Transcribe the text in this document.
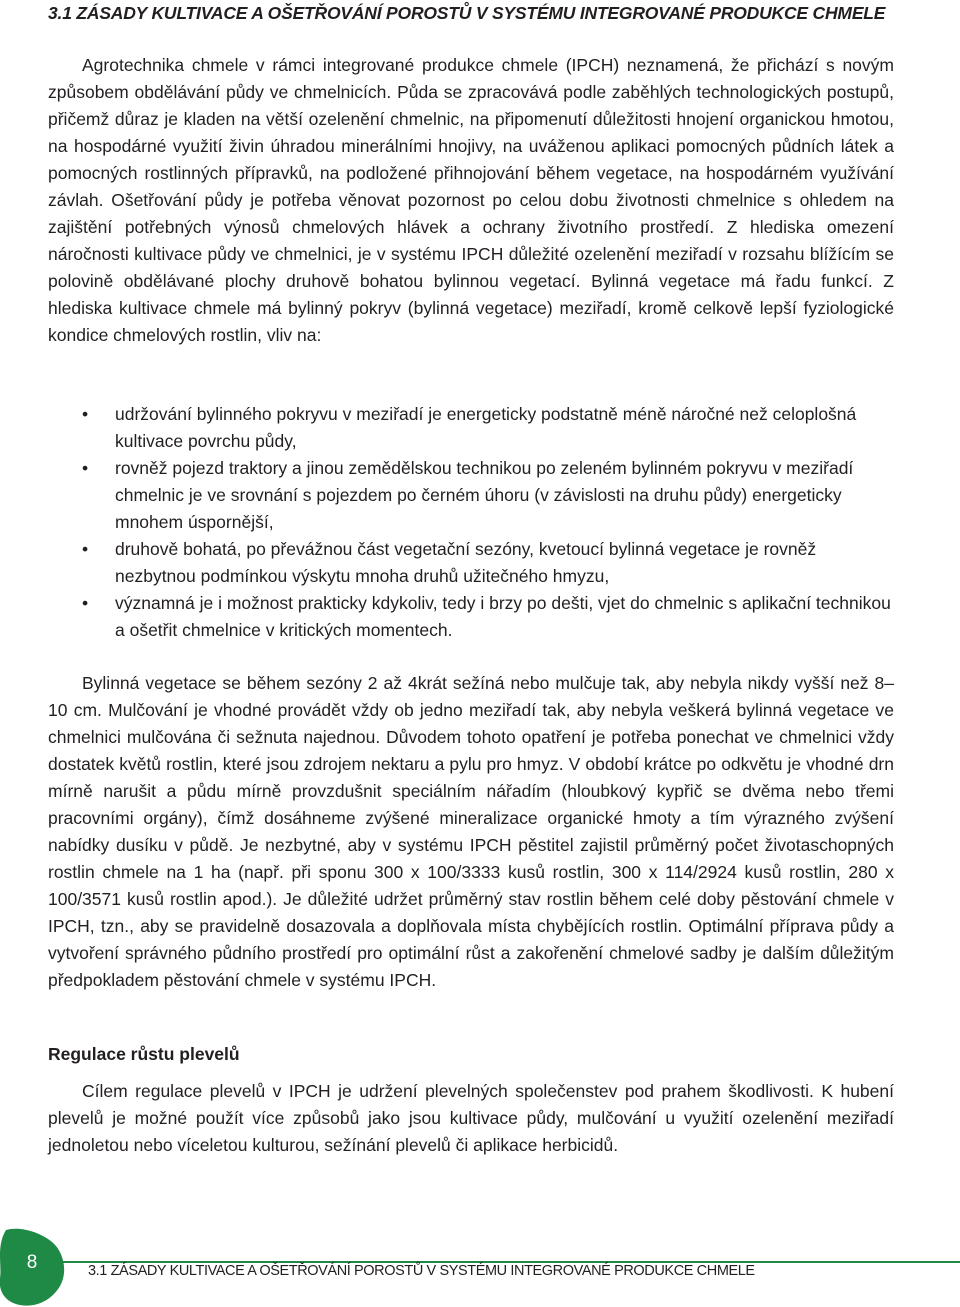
3.1 ZÁSADY KULTIVACE A OŠETŘOVÁNÍ POROSTŮ V SYSTÉMU INTEGROVANÉ PRODUKCE CHMELE

Agrotechnika chmele v rámci integrované produkce chmele (IPCH) neznamená, že přichází s novým způsobem obdělávání půdy ve chmelnicích. Půda se zpracovává podle zaběhlých technologických postupů, přičemž důraz je kladen na větší ozelenění chmelnic, na připomenutí důležitosti hnojení organickou hmotou, na hospodárné využití živin úhradou minerálními hnojivy, na uváženou aplikaci pomocných půdních látek a pomocných rostlinných přípravků, na podložené přihnojování během vegetace, na hospodárném využívání závlah. Ošetřování půdy je potřeba věnovat pozornost po celou dobu životnosti chmelnice s ohledem na zajištění potřebných výnosů chmelových hlávek a ochrany životního prostředí. Z hlediska omezení náročnosti kultivace půdy ve chmelnici, je v systému IPCH důležité ozelenění meziřadí v rozsahu blížícím se polovině obdělávané plochy druhově bohatou bylinnou vegetací. Bylinná vegetace má řadu funkcí. Z hlediska kultivace chmele má bylinný pokryv (bylinná vegetace) meziřadí, kromě celkově lepší fyziologické kondice chmelových rostlin, vliv na:

• udržování bylinného pokryvu v meziřadí je energeticky podstatně méně náročné než celoplošná kultivace povrchu půdy,
• rovněž pojezd traktory a jinou zemědělskou technikou po zeleném bylinném pokryvu v meziřadí chmelnic je ve srovnání s pojezdem po černém úhoru (v závislosti na druhu půdy) energeticky mnohem úspornější,
• druhově bohatá, po převážnou část vegetační sezóny, kvetoucí bylinná vegetace je rovněž nezbytnou podmínkou výskytu mnoha druhů užitečného hmyzu,
• významná je i možnost prakticky kdykoliv, tedy i brzy po dešti, vjet do chmelnic s aplikační technikou a ošetřit chmelnice v kritických momentech.

Bylinná vegetace se během sezóny 2 až 4krát sežíná nebo mulčuje tak, aby nebyla nikdy vyšší než 8–10 cm. Mulčování je vhodné provádět vždy ob jedno meziřadí tak, aby nebyla veškerá bylinná vegetace ve chmelnici mulčována či sežnuta najednou. Důvodem tohoto opatření je potřeba ponechat ve chmelnici vždy dostatek květů rostlin, které jsou zdrojem nektaru a pylu pro hmyz. V období krátce po odkvětu je vhodné drn mírně narušit a půdu mírně provzdušnit speciálním nářadím (hloubkový kypřič se dvěma nebo třemi pracovními orgány), čímž dosáhneme zvýšené mineralizace organické hmoty a tím výrazného zvýšení nabídky dusíku v půdě. Je nezbytné, aby v systému IPCH pěstitel zajistil průměrný počet životaschopných rostlin chmele na 1 ha (např. při sponu 300 x 100/3333 kusů rostlin, 300 x 114/2924 kusů rostlin, 280 x 100/3571 kusů rostlin apod.). Je důležité udržet průměrný stav rostlin během celé doby pěstování chmele v IPCH, tzn., aby se pravidelně dosazovala a doplňovala místa chybějících rostlin. Optimální příprava půdy a vytvoření správného půdního prostředí pro optimální růst a zakořenění chmelové sadby je dalším důležitým předpokladem pěstování chmele v systému IPCH.

Regulace růstu plevelů

Cílem regulace plevelů v IPCH je udržení plevelných společenstev pod prahem škodlivosti. K hubení plevelů je možné použít více způsobů jako jsou kultivace půdy, mulčování u využití ozelenění meziřadí jednoletou nebo víceletou kulturou, sežínání plevelů či aplikace herbicidů.

8	3.1 ZÁSADY KULTIVACE A OŠETŘOVÁNÍ POROSTŮ V SYSTÉMU INTEGROVANÉ PRODUKCE CHMELE
